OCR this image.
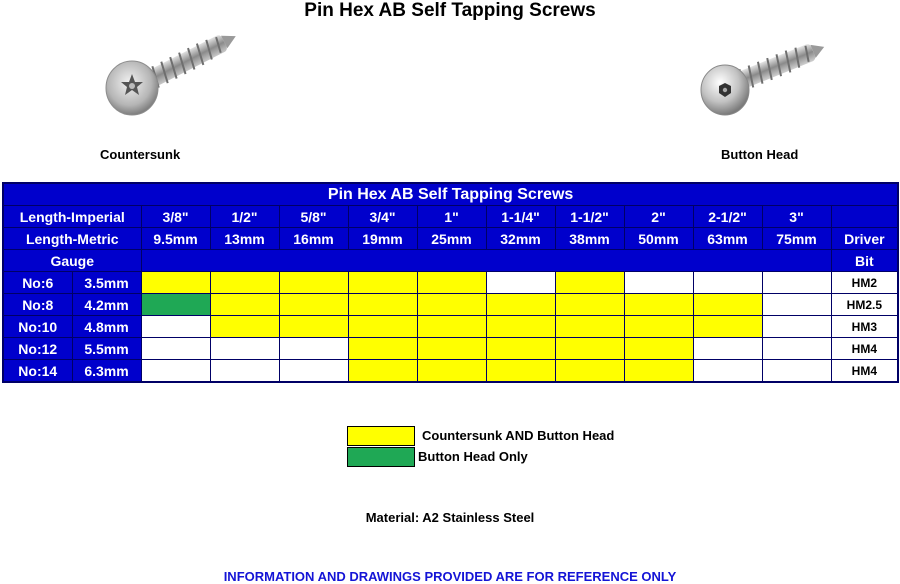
Pin Hex AB Self Tapping Screws
Countersunk	Button Head
Pin Hex AB Self Tapping Screws												
Length-Imperial		3/8"	1/2"	5/8"	3/4"	1"	1-1/4"	1-1/2"	2"	2-1/2"	3"	
Length-Metric		9.5mm	13mm	16mm	19mm	25mm	32mm	38mm	50mm	63mm	75mm	Driver
Gauge												Bit
No:6	3.5mm											HM2
No:8	4.2mm											HM2.5
No:10	4.8mm											HM3
No:12	5.5mm											HM4
No:14	6.3mm											HM4
Countersunk AND Button Head
Button Head Only
Material: A2 Stainless Steel
INFORMATION AND DRAWINGS PROVIDED ARE FOR REFERENCE ONLY
